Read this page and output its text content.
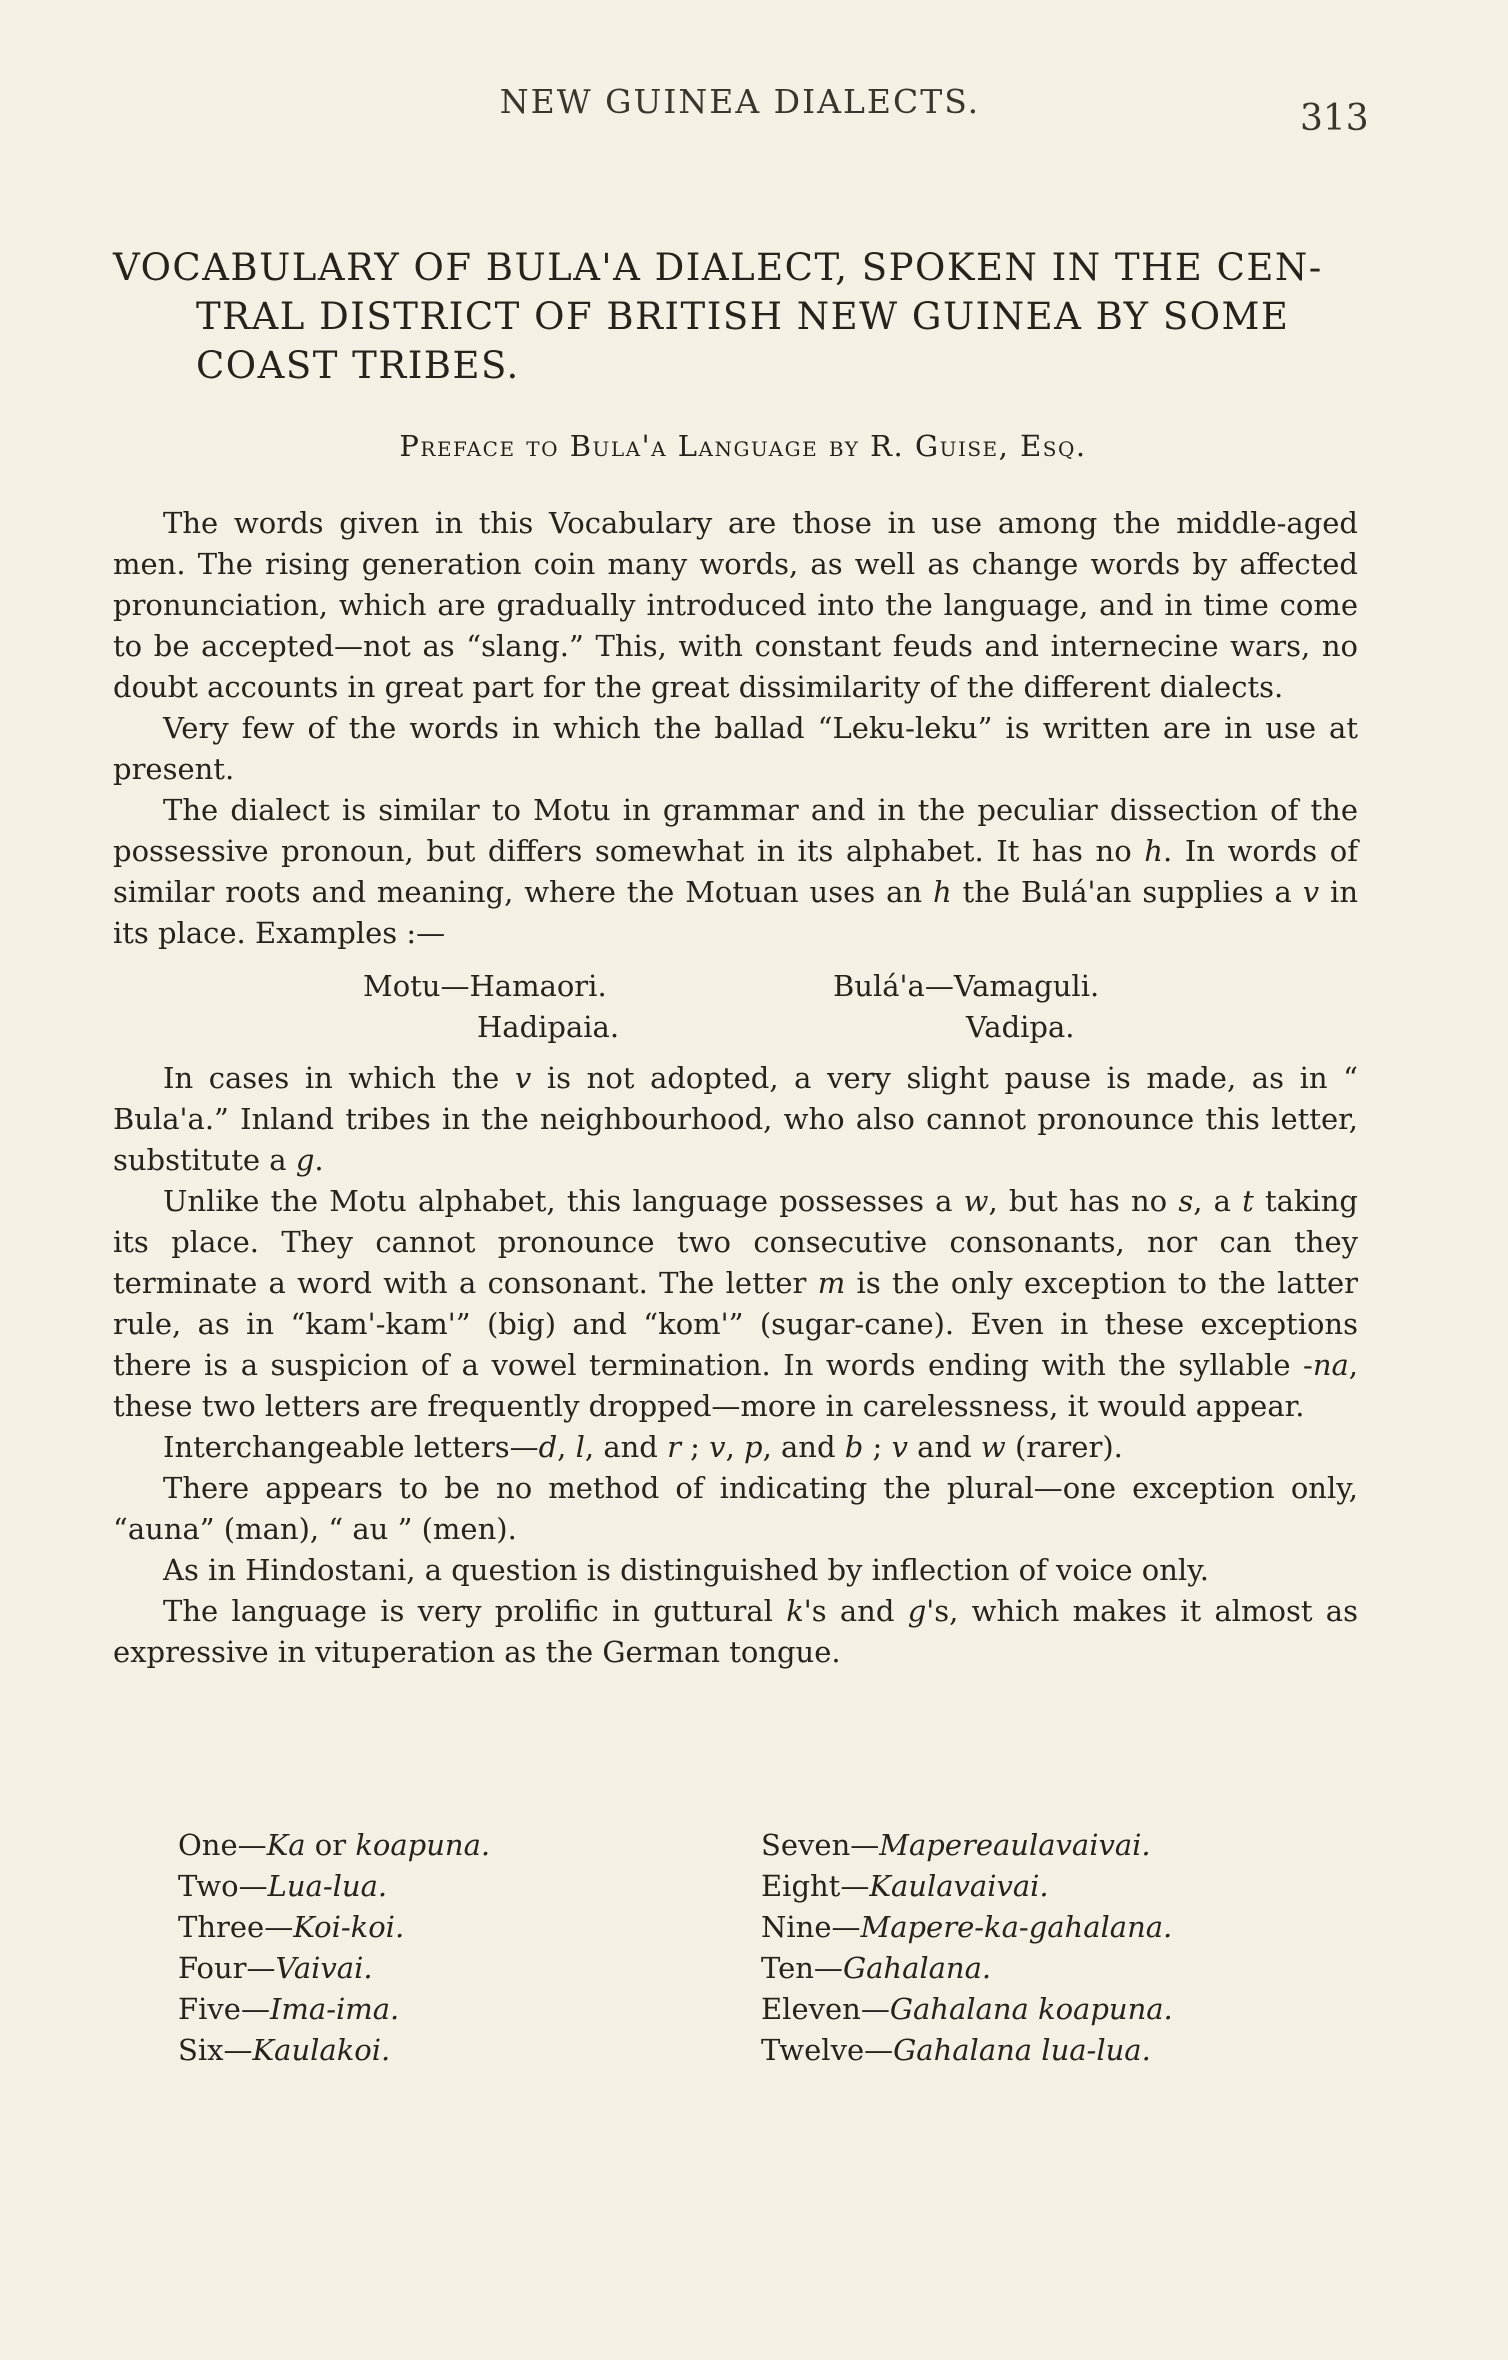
NEW GUINEA DIALECTS.	313
VOCABULARY OF BULA'A DIALECT, SPOKEN IN THE CEN-
TRAL DISTRICT OF BRITISH NEW GUINEA BY SOME
COAST TRIBES.
Preface to Bula'a Language by R. Guise, Esq.

The words given in this Vocabulary are those in use among the middle-aged men. The rising generation coin many words, as well as change words by affected pronunciation, which are gradually introduced into the language, and in time come to be accepted—not as “slang.” This, with constant feuds and internecine wars, no doubt accounts in great part for the great dissimilarity of the different dialects.

Very few of the words in which the ballad “Leku-leku” is written are in use at present.

The dialect is similar to Motu in grammar and in the peculiar dissection of the possessive pronoun, but differs somewhat in its alphabet. It has no h. In words of similar roots and meaning, where the Motuan uses an h the Bulá'an supplies a v in its place. Examples :—

Motu—Hamaori.
Hadipaia.
Bulá'a—Vamaguli.
Vadipa.

In cases in which the v is not adopted, a very slight pause is made, as in “ Bula'a.” Inland tribes in the neighbourhood, who also cannot pronounce this letter, substitute a g.

Unlike the Motu alphabet, this language possesses a w, but has no s, a t taking its place. They cannot pronounce two consecutive consonants, nor can they terminate a word with a consonant. The letter m is the only exception to the latter rule, as in “kam'-kam'” (big) and “kom'” (sugar-cane). Even in these exceptions there is a suspicion of a vowel termination. In words ending with the syllable -na, these two letters are frequently dropped—more in carelessness, it would appear.

Interchangeable letters—d, l, and r ; v, p, and b ; v and w (rarer).

There appears to be no method of indicating the plural—one exception only, “auna” (man), “ au ” (men).

As in Hindostani, a question is distinguished by inflection of voice only.

The language is very prolific in guttural k's and g's, which makes it almost as expressive in vituperation as the German tongue.

One—Ka or koapuna.
Two—Lua-lua.
Three—Koi-koi.
Four—Vaivai.
Five—Ima-ima.
Six—Kaulakoi.
Seven—Mapereaulavaivai.
Eight—Kaulavaivai.
Nine—Mapere-ka-gahalana.
Ten—Gahalana.
Eleven—Gahalana koapuna.
Twelve—Gahalana lua-lua.
